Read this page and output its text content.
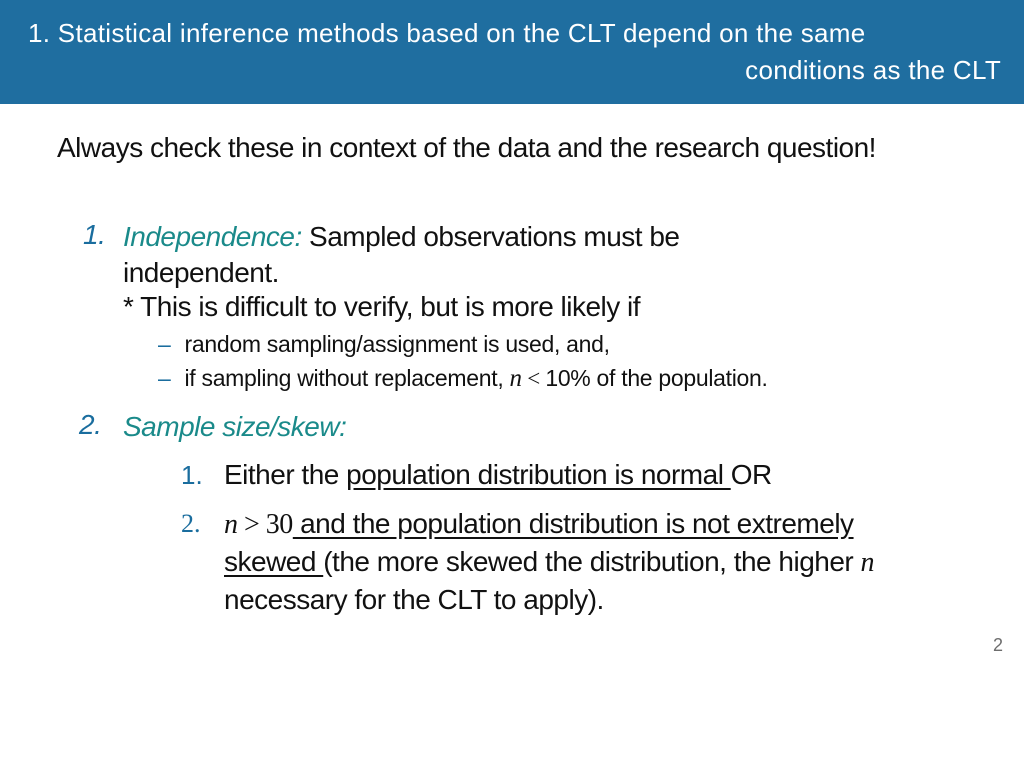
1. Statistical inference methods based on the CLT depend on the same
conditions as the CLT
Always check these in context of the data and the research question!
1. Independence: Sampled observations must be independent.
* This is difficult to verify, but is more likely if
– random sampling/assignment is used, and,
– if sampling without replacement, n < 10% of the population.
2. Sample size/skew:
1. Either the population distribution is normal OR
2. n > 30 and the population distribution is not extremely
skewed (the more skewed the distribution, the higher n
necessary for the CLT to apply).
2
